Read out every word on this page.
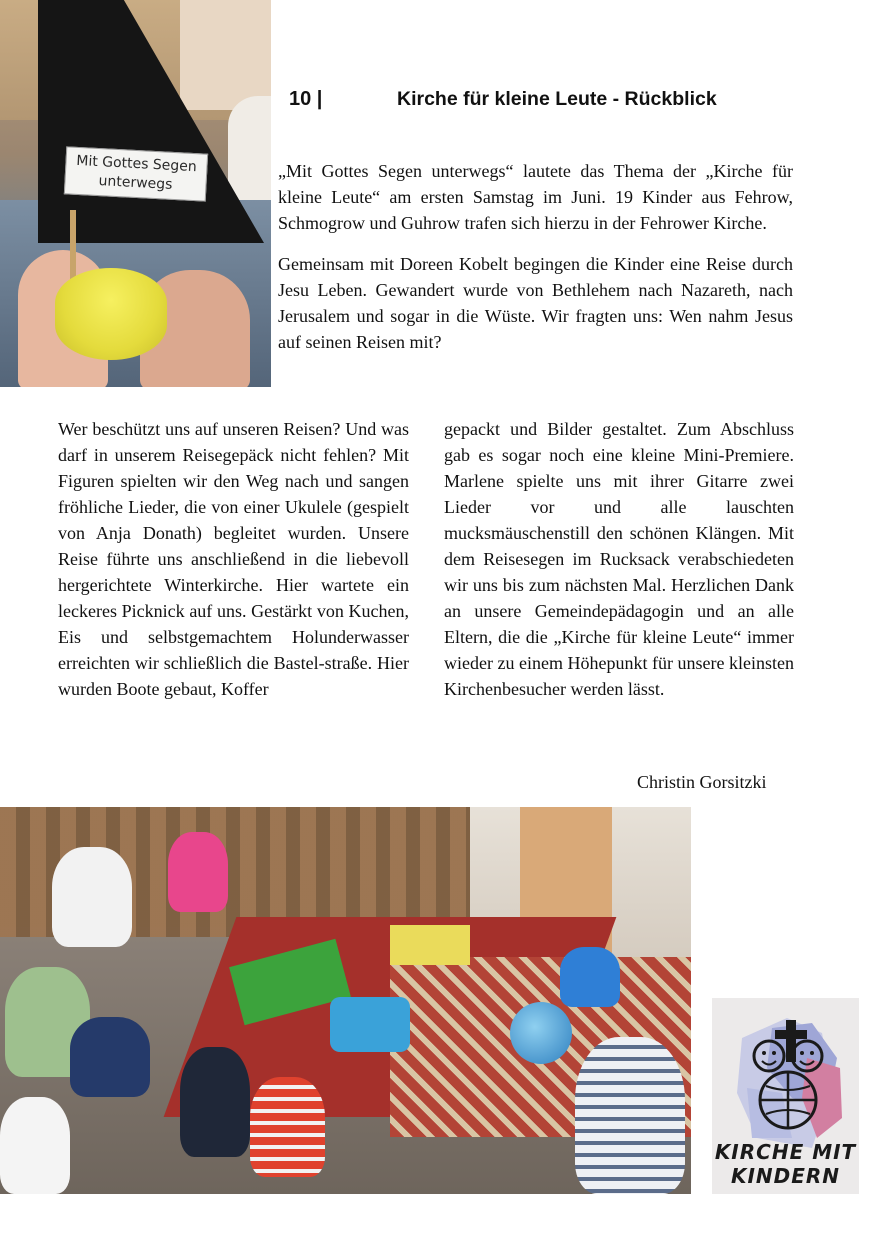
Mit Gottes Segen
unterwegs
10 |	Kirche für kleine Leute - Rückblick

„Mit Gottes Segen unterwegs“ lautete das Thema der „Kirche für kleine Leute“ am ersten Samstag im Juni. 19 Kinder aus Fehrow, Schmogrow und Guhrow trafen sich hierzu in der Fehrower Kirche.

Gemeinsam mit Doreen Kobelt begingen die Kinder eine Reise durch Jesu Leben. Gewandert wurde von Bethlehem nach Nazareth, nach Jerusalem und sogar in die Wüste. Wir fragten uns: Wen nahm Jesus auf seinen Reisen mit?

Wer beschützt uns auf unseren Reisen? Und was darf in unserem Reisegepäck nicht fehlen? Mit Figuren spielten wir den Weg nach und sangen fröhliche Lieder, die von einer Ukulele (gespielt von Anja Donath) begleitet wurden. Unsere Reise führte uns anschließend in die liebevoll hergerichtete Winterkirche. Hier wartete ein leckeres Picknick auf uns. Gestärkt von Kuchen, Eis und selbstgemachtem Holunderwasser erreichten wir schließlich die Bastel-straße. Hier wurden Boote gebaut, Koffer

gepackt und Bilder gestaltet. Zum Abschluss gab es sogar noch eine kleine Mini-Premiere. Marlene spielte uns mit ihrer Gitarre zwei Lieder vor und alle lauschten mucksmäuschenstill den schönen Klängen. Mit dem Reisesegen im Rucksack verabschiedeten wir uns bis zum nächsten Mal. Herzlichen Dank an unsere Gemeindepädagogin und an alle Eltern, die die „Kirche für kleine Leute“ immer wieder zu einem Höhepunkt für unsere kleinsten Kirchenbesucher werden lässt.

Christin Gorsitzki
KIRCHE MIT
KINDERN
